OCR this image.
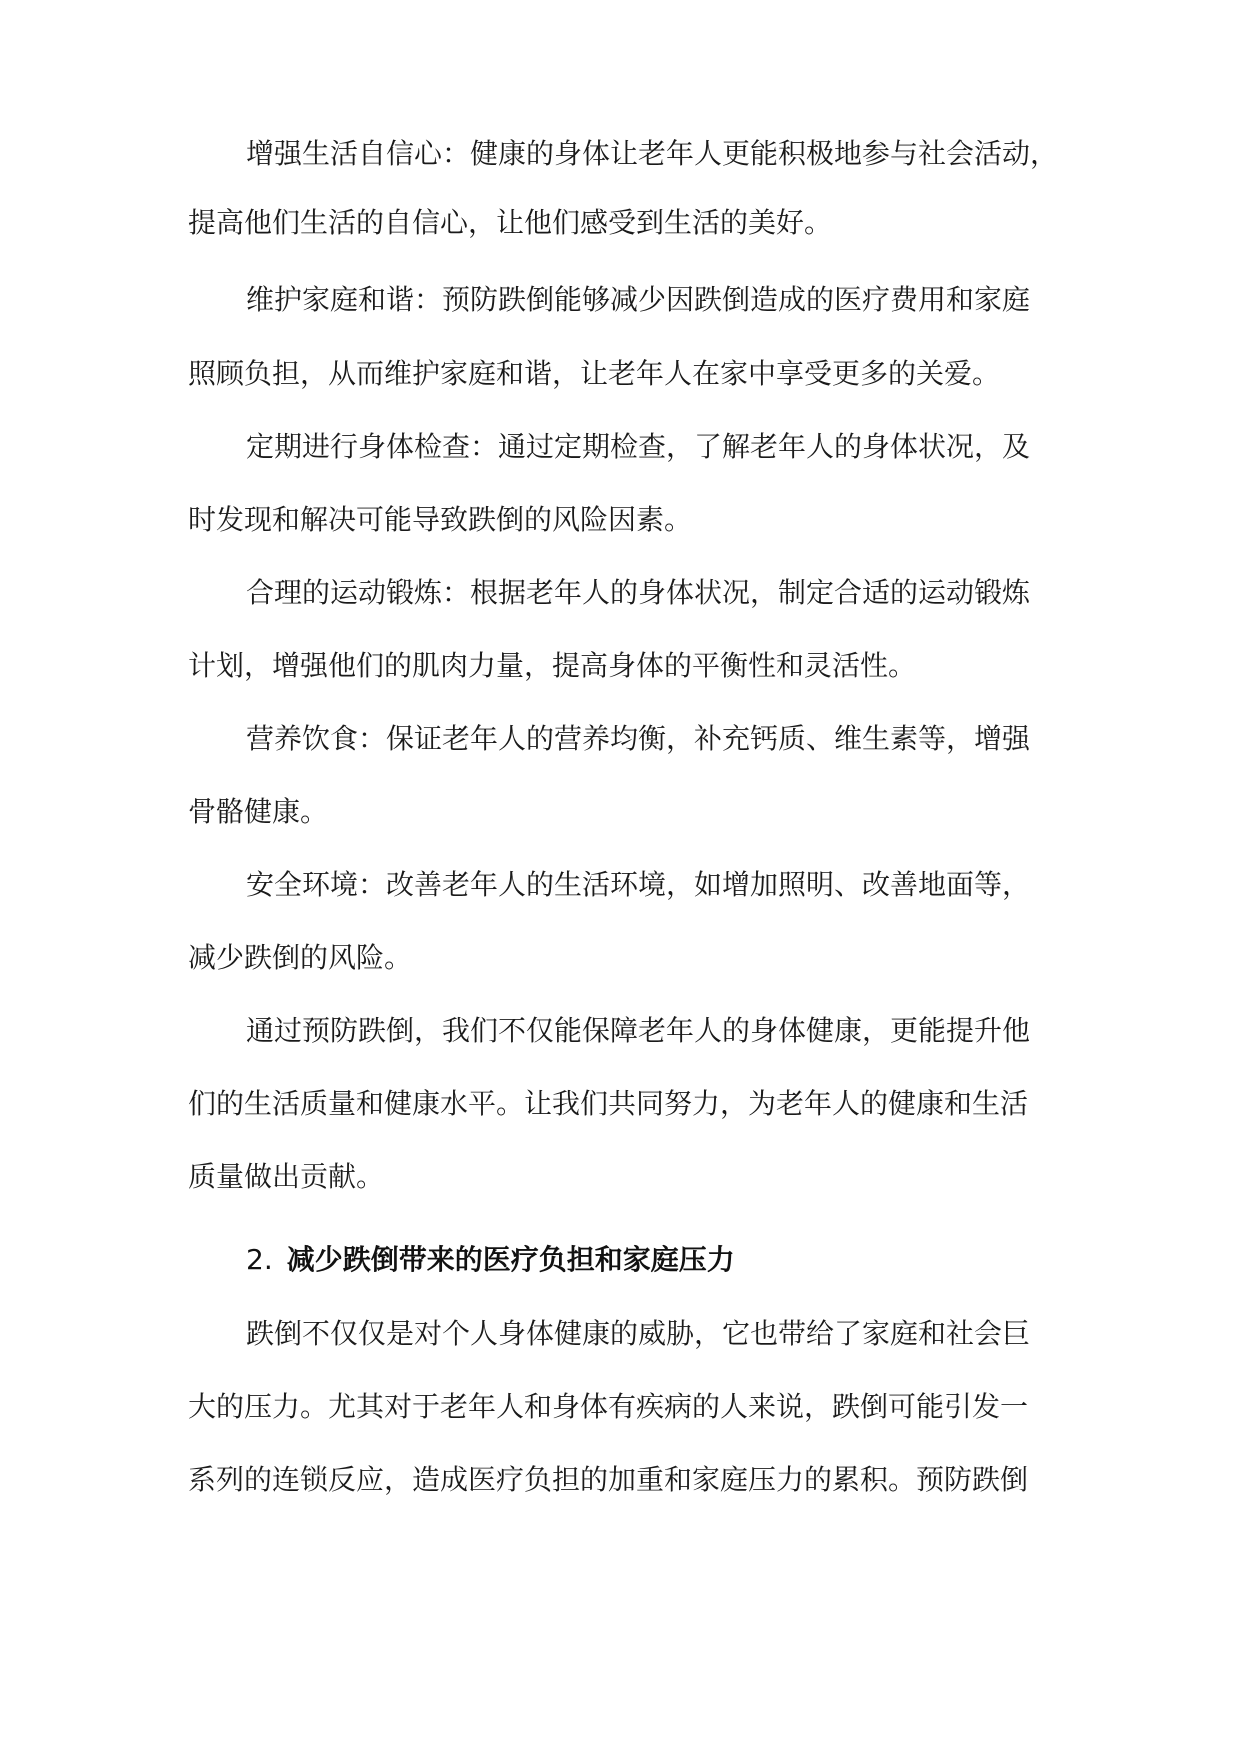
增强生活自信心：健康的身体让老年人更能积极地参与社会活动，

提高他们生活的自信心，让他们感受到生活的美好。

维护家庭和谐：预防跌倒能够减少因跌倒造成的医疗费用和家庭

照顾负担，从而维护家庭和谐，让老年人在家中享受更多的关爱。

定期进行身体检查：通过定期检查，了解老年人的身体状况，及

时发现和解决可能导致跌倒的风险因素。

合理的运动锻炼：根据老年人的身体状况，制定合适的运动锻炼

计划，增强他们的肌肉力量，提高身体的平衡性和灵活性。

营养饮食：保证老年人的营养均衡，补充钙质、维生素等，增强

骨骼健康。

安全环境：改善老年人的生活环境，如增加照明、改善地面等，

减少跌倒的风险。

通过预防跌倒，我们不仅能保障老年人的身体健康，更能提升他

们的生活质量和健康水平。让我们共同努力，为老年人的健康和生活

质量做出贡献。

2. 减少跌倒带来的医疗负担和家庭压力

跌倒不仅仅是对个人身体健康的威胁，它也带给了家庭和社会巨

大的压力。尤其对于老年人和身体有疾病的人来说，跌倒可能引发一

系列的连锁反应，造成医疗负担的加重和家庭压力的累积。预防跌倒
